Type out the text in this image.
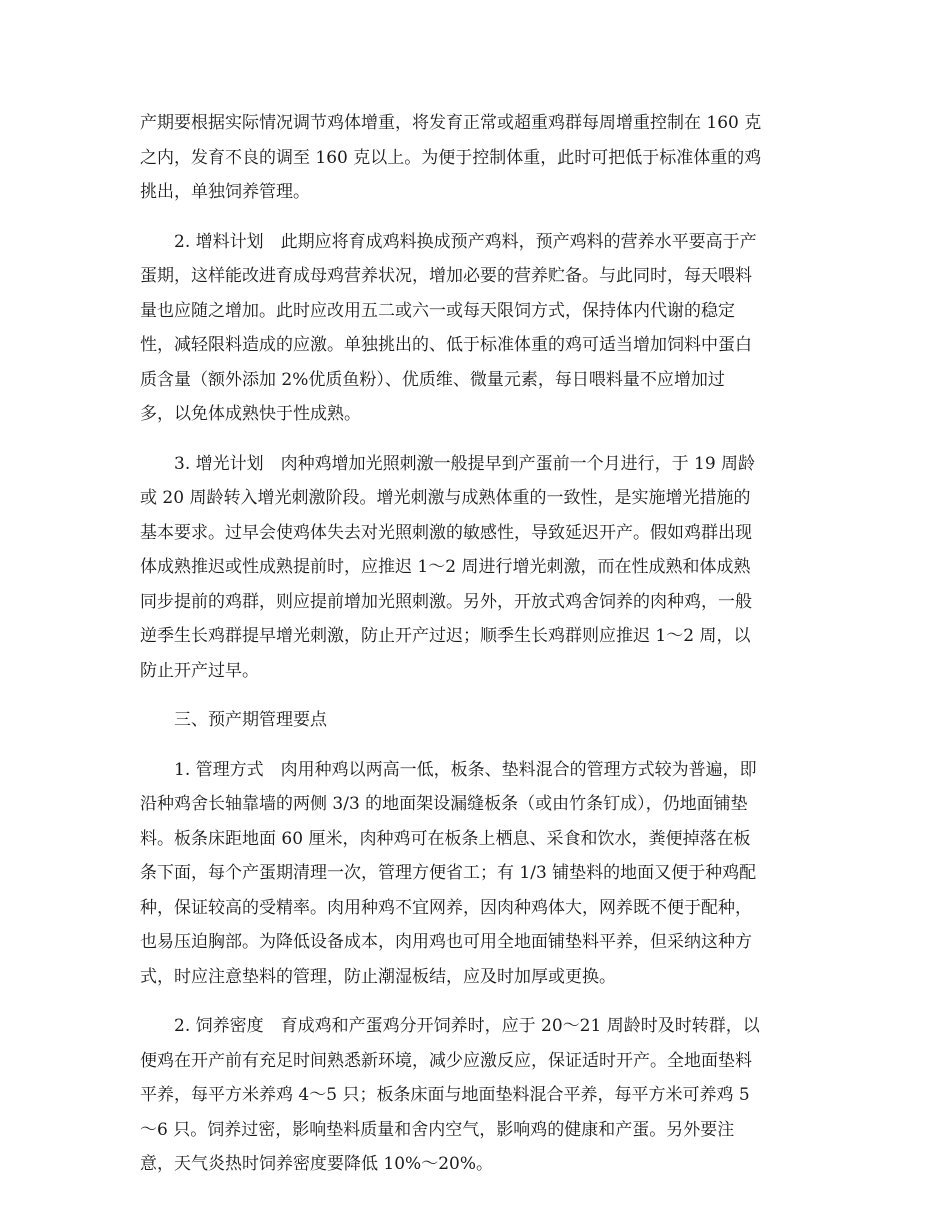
产期要根据实际情况调节鸡体增重，将发育正常或超重鸡群每周增重控制在 160 克
之内，发育不良的调至 160 克以上。为便于控制体重，此时可把低于标准体重的鸡
挑出，单独饲养管理。
2. 增料计划　此期应将育成鸡料换成预产鸡料，预产鸡料的营养水平要高于产
蛋期，这样能改进育成母鸡营养状况，增加必要的营养贮备。与此同时，每天喂料
量也应随之增加。此时应改用五二或六一或每天限饲方式，保持体内代谢的稳定
性，减轻限料造成的应激。单独挑出的、低于标准体重的鸡可适当增加饲料中蛋白
质含量（额外添加 2%优质鱼粉）、优质维、微量元素，每日喂料量不应增加过
多，以免体成熟快于性成熟。
3. 增光计划　肉种鸡增加光照刺激一般提早到产蛋前一个月进行，于 19 周龄
或 20 周龄转入增光刺激阶段。增光刺激与成熟体重的一致性，是实施增光措施的
基本要求。过早会使鸡体失去对光照刺激的敏感性，导致延迟开产。假如鸡群出现
体成熟推迟或性成熟提前时，应推迟 1～2 周进行增光刺激，而在性成熟和体成熟
同步提前的鸡群，则应提前增加光照刺激。另外，开放式鸡舍饲养的肉种鸡，一般
逆季生长鸡群提早增光刺激，防止开产过迟；顺季生长鸡群则应推迟 1～2 周，以
防止开产过早。
三、预产期管理要点
1. 管理方式　肉用种鸡以两高一低，板条、垫料混合的管理方式较为普遍，即
沿种鸡舍长轴靠墙的两侧 3/3 的地面架设漏缝板条（或由竹条钉成），仍地面铺垫
料。板条床距地面 60 厘米，肉种鸡可在板条上栖息、采食和饮水，粪便掉落在板
条下面，每个产蛋期清理一次，管理方便省工；有 1/3 铺垫料的地面又便于种鸡配
种，保证较高的受精率。肉用种鸡不宜网养，因肉种鸡体大，网养既不便于配种，
也易压迫胸部。为降低设备成本，肉用鸡也可用全地面铺垫料平养，但采纳这种方
式，时应注意垫料的管理，防止潮湿板结，应及时加厚或更换。
2. 饲养密度　育成鸡和产蛋鸡分开饲养时，应于 20～21 周龄时及时转群，以
便鸡在开产前有充足时间熟悉新环境，减少应激反应，保证适时开产。全地面垫料
平养，每平方米养鸡 4～5 只；板条床面与地面垫料混合平养，每平方米可养鸡 5
～6 只。饲养过密，影响垫料质量和舍内空气，影响鸡的健康和产蛋。另外要注
意，天气炎热时饲养密度要降低 10%～20%。
